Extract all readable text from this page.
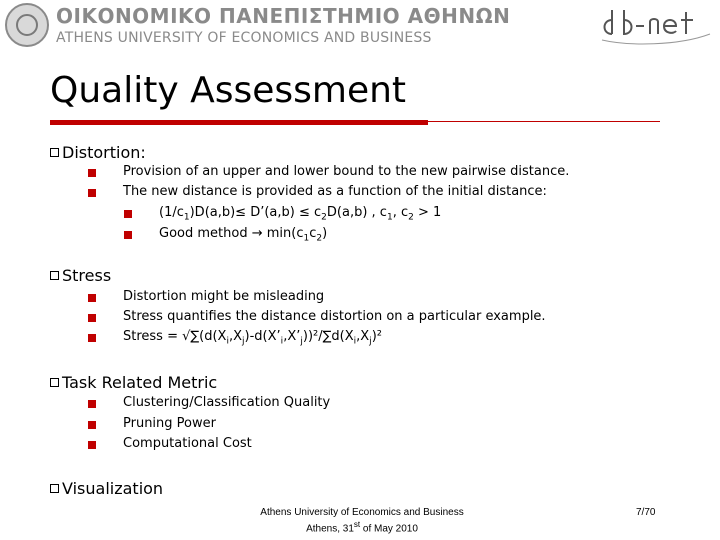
ΟΙΚΟΝΟΜΙΚΟ ΠΑΝΕΠΙΣΤΗΜΙΟ ΑΘΗΝΩΝ
ATHENS UNIVERSITY OF ECONOMICS AND BUSINESS
Quality Assessment
Distortion:
Provision of an upper and lower bound to the new pairwise distance.
The new distance is provided as a function of the initial distance:
$(1/c_1)D(a,b)\le$ D’(a,b) ≤ $c_2D(a,b)$ , $c_1$, $c_2 > 1$
Good method → $\min(c_1c_2)$
Stress
Distortion might be misleading
Stress quantifies the distance distortion on a particular example.
Stress = $√\sum(d(X_i,X_j)-d(X’_i,X’_j))^2/\sum d(X_i,X_j)^2$
Task Related Metric
Clustering/Classification Quality
Pruning Power
Computational Cost
Visualization
Athens University of Economics and Business
Athens, 31st of May 2010
7/70
